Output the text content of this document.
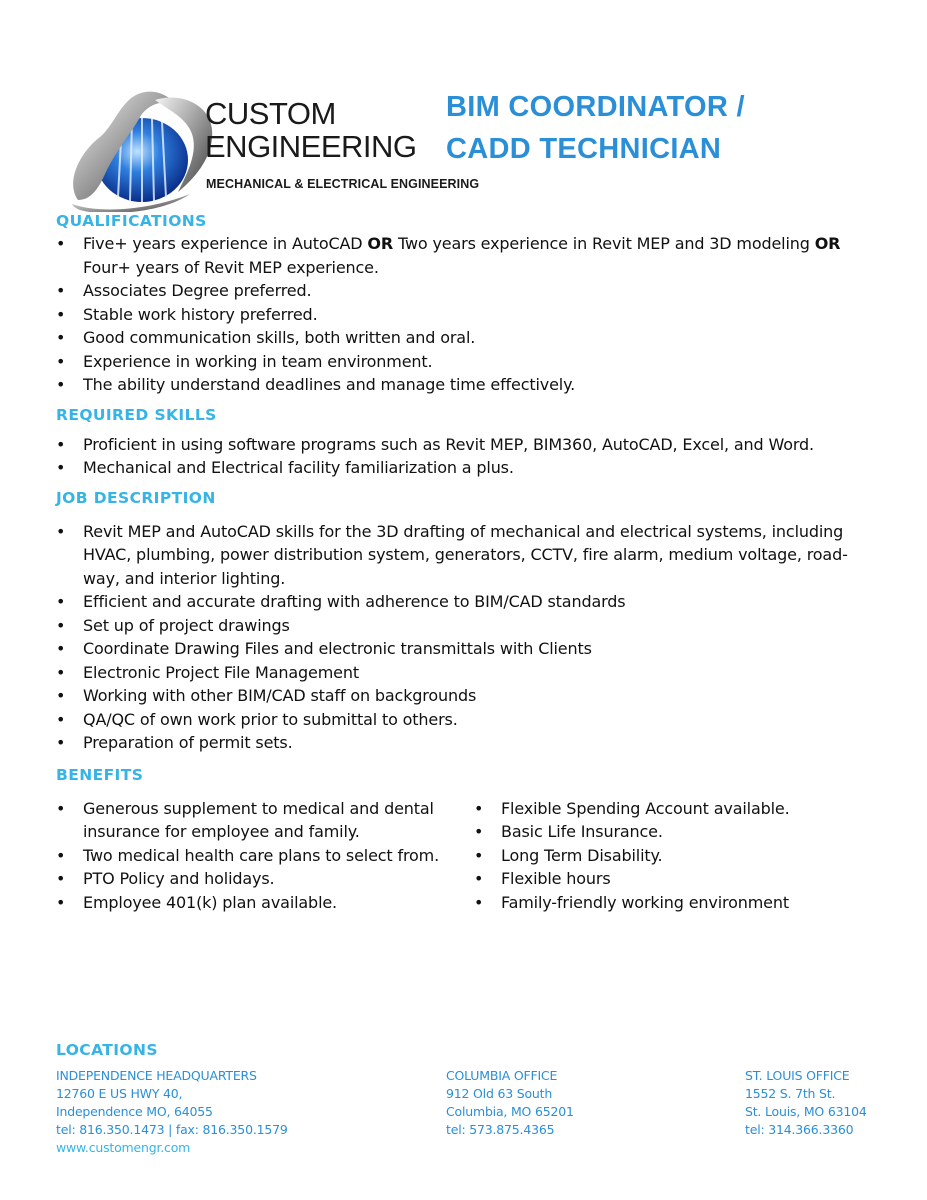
CUSTOM
ENGINEERING
MECHANICAL & ELECTRICAL ENGINEERING
BIM COORDINATOR /
CADD TECHNICIAN
QUALIFICATIONS
• Five+ years experience in AutoCAD OR Two years experience in Revit MEP and 3D modeling OR
Four+ years of Revit MEP experience.
• Associates Degree preferred.
• Stable work history preferred.
• Good communication skills, both written and oral.
• Experience in working in team environment.
• The ability understand deadlines and manage time effectively.
REQUIRED SKILLS
• Proficient in using software programs such as Revit MEP, BIM360, AutoCAD, Excel, and Word.
• Mechanical and Electrical facility familiarization a plus.
JOB DESCRIPTION
• Revit MEP and AutoCAD skills for the 3D drafting of mechanical and electrical systems, including HVAC, plumbing, power distribution system, generators, CCTV, fire alarm, medium voltage, road-way, and interior lighting.
• Efficient and accurate drafting with adherence to BIM/CAD standards
• Set up of project drawings
• Coordinate Drawing Files and electronic transmittals with Clients
• Electronic Project File Management
• Working with other BIM/CAD staff on backgrounds
• QA/QC of own work prior to submittal to others.
• Preparation of permit sets.
BENEFITS
• Generous supplement to medical and dental insurance for employee and family.
• Two medical health care plans to select from.
• PTO Policy and holidays.
• Employee 401(k) plan available.
• Flexible Spending Account available.
• Basic Life Insurance.
• Long Term Disability.
• Flexible hours
• Family-friendly working environment
LOCATIONS
INDEPENDENCE HEADQUARTERS
12760 E US HWY 40,
Independence MO, 64055
tel: 816.350.1473 | fax: 816.350.1579
www.customengr.com
COLUMBIA OFFICE
912 Old 63 South
Columbia, MO 65201
tel: 573.875.4365
ST. LOUIS OFFICE
1552 S. 7th St.
St. Louis, MO 63104
tel: 314.366.3360
